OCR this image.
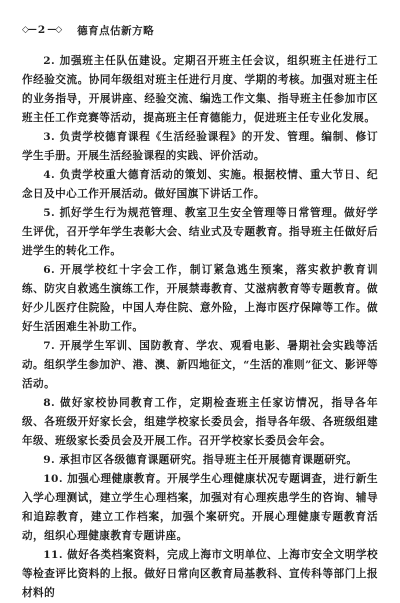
◇— 2 —◇ 德育点估新方略

2. 加强班主任队伍建设。定期召开班主任会议，组织班主任进行工作经验交流。协同年级组对班主任进行月度、学期的考核。加强对班主任的业务指导，开展讲座、经验交流、编选工作文集、指导班主任参加市区班主任工作竞赛等活动，提高班主任育德能力，促进班主任专业化发展。

3. 负责学校德育课程《生活经验课程》的开发、管理。编制、修订学生手册。开展生活经验课程的实践、评价活动。

4. 负责学校重大德育活动的策划、实施。根据校情、重大节日、纪念日及中心工作开展活动。做好国旗下讲话工作。

5. 抓好学生行为规范管理、教室卫生安全管理等日常管理。做好学生评优，召开学年学生表彰大会、结业式及专题教育。指导班主任做好后进学生的转化工作。

6. 开展学校红十字会工作，制订紧急逃生预案，落实救护教育训练、防灾自救逃生演练工作，开展禁毒教育、艾滋病教育等专题教育。做好少儿医疗住院险，中国人寿住院、意外险，上海市医疗保障等工作。做好生活困难生补助工作。

7. 开展学生军训、国防教育、学农、观看电影、暑期社会实践等活动。组织学生参加沪、港、澳、新四地征文，“生活的准则”征文、影评等活动。

8. 做好家校协同教育工作，定期检查班主任家访情况，指导各年级、各班级开好家长会，组建学校家长委员会，指导各年级、各班级组建年级、班级家长委员会及开展工作。召开学校家长委员会年会。

9. 承担市区各级德育课题研究。指导班主任开展德育课题研究。

10. 加强心理健康教育。开展学生心理健康状况专题调查，进行新生入学心理测试，建立学生心理档案，加强对有心理疾患学生的咨询、辅导和追踪教育，建立工作档案，加强个案研究。开展心理健康专题教育活动，组织心理健康教育专题讲座。

11. 做好各类档案资料，完成上海市文明单位、上海市安全文明学校等检查评比资料的上报。做好日常向区教育局基教科、宣传科等部门上报材料的
